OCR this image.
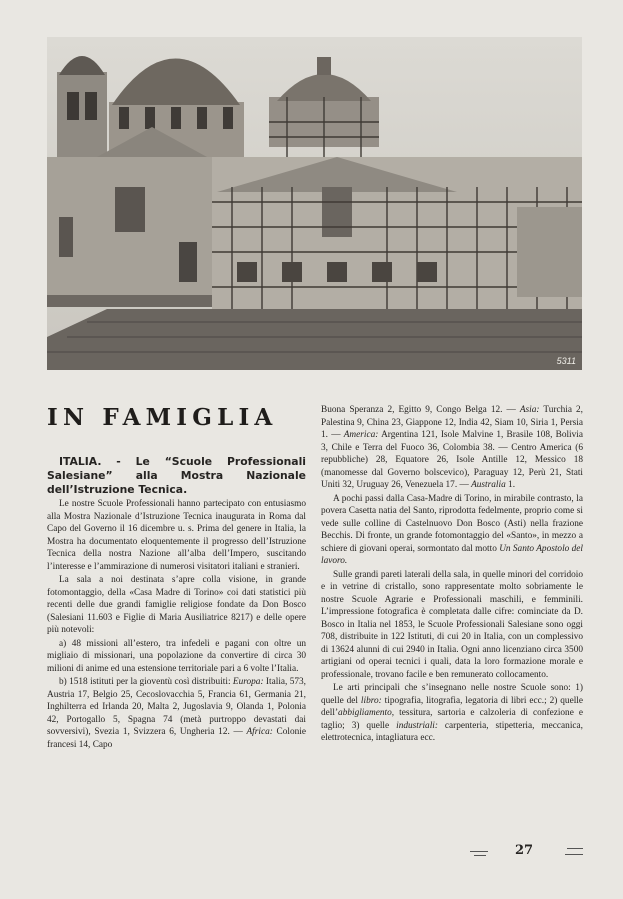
5311
IN FAMIGLIA

ITALIA. - Le “Scuole Professionali Salesiane” alla Mostra Nazionale dell’Istruzione Tecnica.

Le nostre Scuole Professionali hanno partecipato con entusiasmo alla Mostra Nazionale d’Istruzione Tecnica inaugurata in Roma dal Capo del Governo il 16 dicembre u. s. Prima del genere in Italia, la Mostra ha documentato eloquentemente il progresso dell’Istruzione Tecnica della nostra Nazione all’alba dell’Impero, suscitando l’interesse e l’ammirazione di numerosi visitatori italiani e stranieri.

La sala a noi destinata s’apre colla visione, in grande fotomontaggio, della «Casa Madre di Torino» coi dati statistici più recenti delle due grandi famiglie religiose fondate da Don Bosco (Salesiani 11.603 e Figlie di Maria Ausiliatrice 8217) e delle opere più notevoli:

a) 48 missioni all’estero, tra infedeli e pagani con oltre un migliaio di missionari, una popolazione da convertire di circa 30 milioni di anime ed una estensione territoriale pari a 6 volte l’Italia.

b) 1518 istituti per la gioventù così distribuiti: Europa: Italia, 573, Austria 17, Belgio 25, Cecoslovacchia 5, Francia 61, Germania 21, Inghilterra ed Irlanda 20, Malta 2, Jugoslavia 9, Olanda 1, Polonia 42, Portogallo 5, Spagna 74 (metà purtroppo devastati dai sovversivi), Svezia 1, Svizzera 6, Ungheria 12. — Africa: Colonie francesi 14, Capo

Buona Speranza 2, Egitto 9, Congo Belga 12. — Asia: Turchia 2, Palestina 9, China 23, Giappone 12, India 42, Siam 10, Siria 1, Persia 1. — America: Argentina 121, Isole Malvine 1, Brasile 108, Bolivia 3, Chile e Terra del Fuoco 36, Colombia 38. — Centro America (6 repubbliche) 28, Equatore 26, Isole Antille 12, Messico 18 (manomesse dal Governo bolscevico), Paraguay 12, Perù 21, Stati Uniti 32, Uruguay 26, Venezuela 17. — Australia 1.

A pochi passi dalla Casa-Madre di Torino, in mirabile contrasto, la povera Casetta natia del Santo, riprodotta fedelmente, proprio come si vede sulle colline di Castelnuovo Don Bosco (Asti) nella frazione Becchis. Di fronte, un grande fotomontaggio del «Santo», in mezzo a schiere di giovani operai, sormontato dal motto Un Santo Apostolo del lavoro.

Sulle grandi pareti laterali della sala, in quelle minori del corridoio e in vetrine di cristallo, sono rappresentate molto sobriamente le nostre Scuole Agrarie e Professionali maschili, e femminili. L’impressione fotografica è completata dalle cifre: cominciate da D. Bosco in Italia nel 1853, le Scuole Professionali Salesiane sono oggi 708, distribuite in 122 Istituti, di cui 20 in Italia, con un complessivo di 13624 alunni di cui 2940 in Italia. Ogni anno licenziano circa 3500 artigiani od operai tecnici i quali, data la loro formazione morale e professionale, trovano facile e ben remunerato collocamento.

Le arti principali che s’insegnano nelle nostre Scuole sono: 1) quelle del libro: tipografia, litografia, legatoria di libri ecc.; 2) quelle dell’abbigliamento, tessitura, sartoria e calzoleria di confezione e taglio; 3) quelle industriali: carpenteria, stipetteria, meccanica, elettrotecnica, intagliatura ecc.

27
